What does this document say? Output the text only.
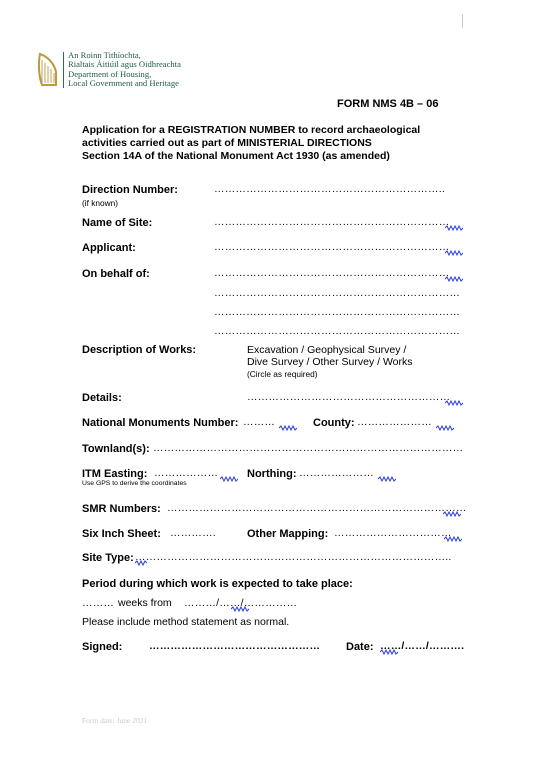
An Roinn Tithíochta,
Rialtais Áitiúil agus Oidhreachta
Department of Housing,
Local Government and Heritage
FORM NMS 4B – 06
Application for a REGISTRATION NUMBER to record archaeological
activities carried out as part of MINISTERIAL DIRECTIONS
Section 14A of the National Monument Act 1930 (as amended)
Direction Number:
(if known)
………………………………………………………..
Name of Site:	…………………………………………………………
Applicant:	…………………………………………………………
On behalf of:	…………………………………………………………
……………………………………………………………
……………………………………………………………
……………………………………………………………
Description of Works:	Excavation / Geophysical Survey /
Dive Survey / Other Survey / Works
(Circle as required)
Details:	…………………………………………………
National Monuments Number: ………	County: …………………
Townland(s): ……………………………………………………………………………
ITM Easting: ………………
Use GPS to derive the coordinates
Northing: …………………
SMR Numbers: …………………………………………………………………………
Six Inch Sheet: ………….	Other Mapping: ……………………………
Site Type: ……………………………………………………………………………..
Period during which work is expected to take place:
……… weeks from ………/……/……………
Please include method statement as normal.
Signed:	………………………………………… Date: ……/……/……….
Form date: June 2021
